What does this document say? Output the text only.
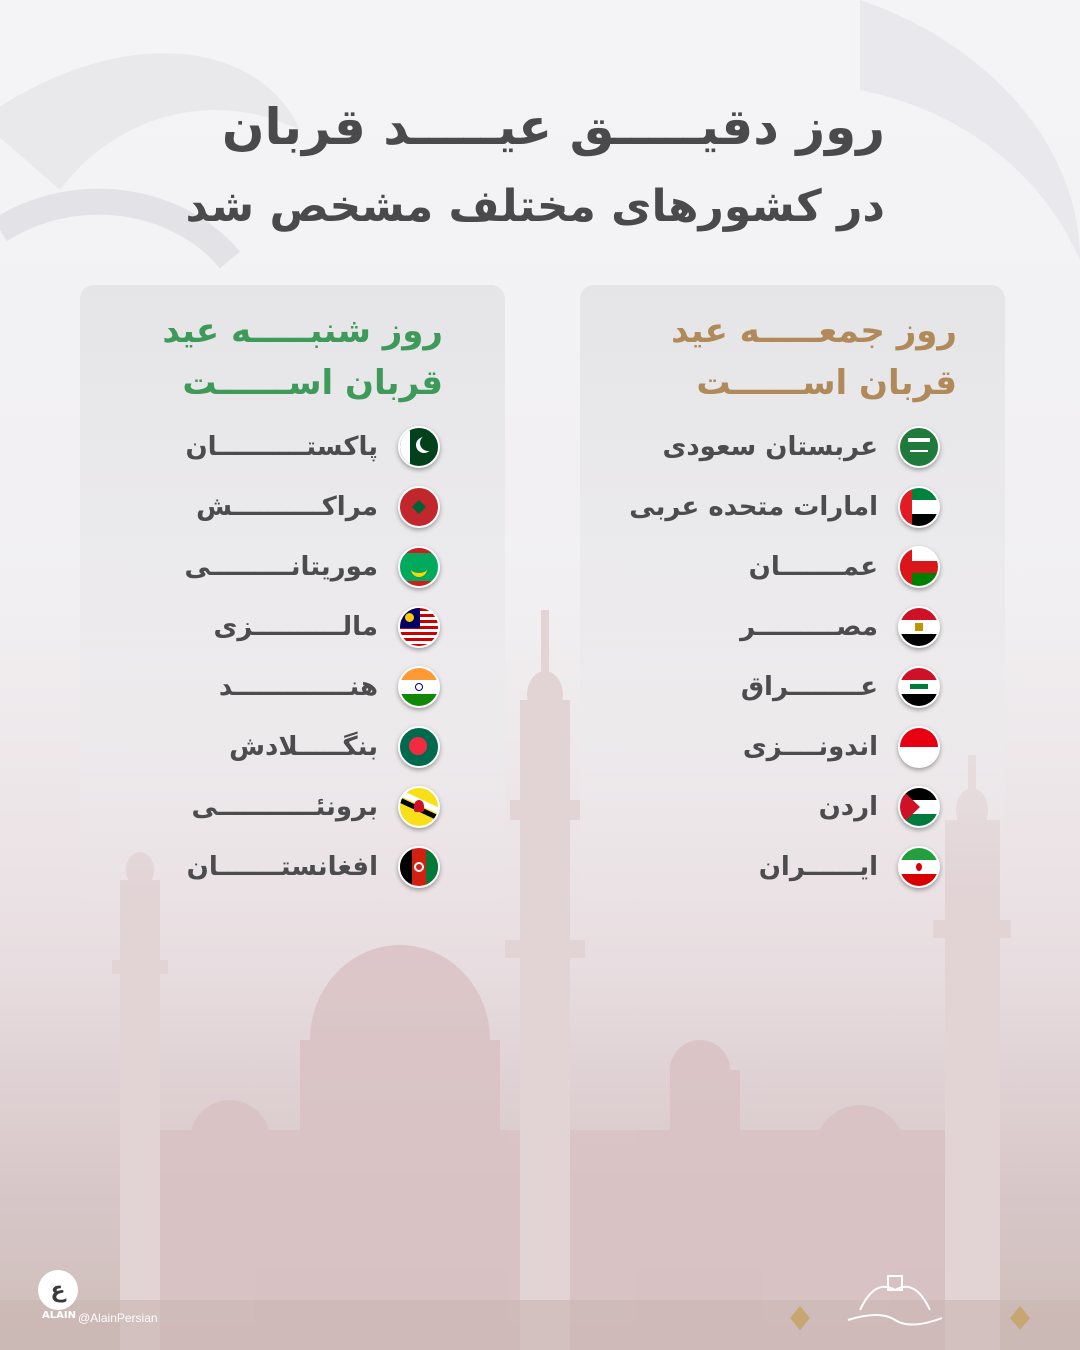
روز دقیـــــق عیـــــد قربان
در کشورهای مختلف مشخص شد
روز جمعـــــه عید
قربان اســــــت
عربستان سعودی
امارات متحده عربی
عمـــــــان
مصـــــــــر
عــــــــراق
اندونــــزی
اردن
ایــــــران
روز شنبـــــه عید
قربان اســــــت
پاکستــــــــــان
مراکــــــــــش
موریتانـــــــــی
مالــــــــــزی
هنـــــــــــــد
بنگـــــلادش
برونئـــــــــــی
افغانستـــــــان
ع
ALAIN @AlainPersian
